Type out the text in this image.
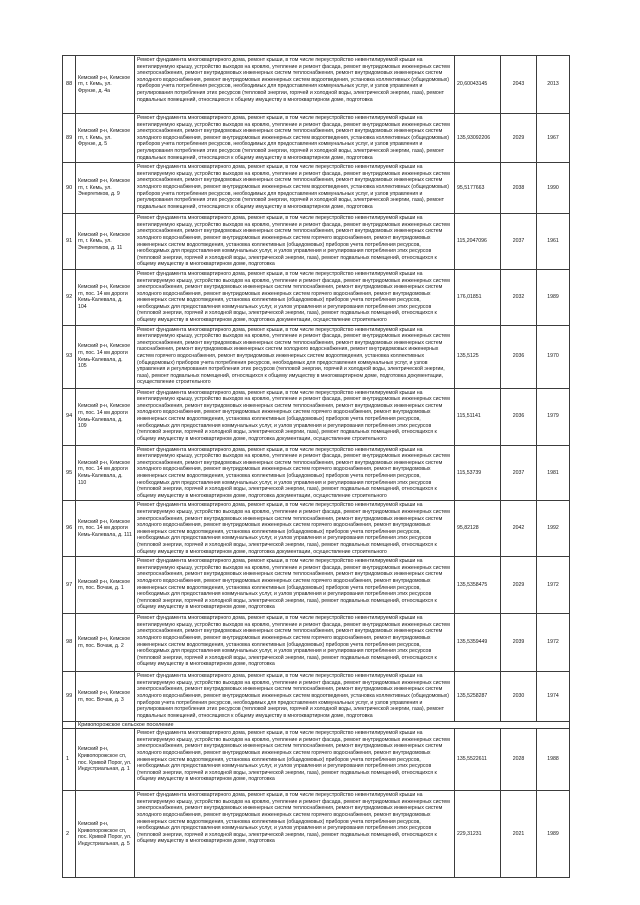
88	Кемский р-н, Кемское гп, г. Кемь, ул. Фрунзе, д. 4а	Ремонт фундамента многоквартирного дома, ремонт крыши, в том числе переустройство невентилируемой крыши на вентилируемую крышу, устройство выходов на кровлю, утепление и ремонт фасада, ремонт внутридомовых инженерных систем электроснабжения, ремонт внутридомовых инженерных систем теплоснабжения, ремонт внутридомовых инженерных систем холодного водоснабжения, ремонт внутридомовых инженерных систем водоотведения, установка коллективных (общедомовых) приборов учета потребления ресурсов, необходимых для предоставления коммунальных услуг, и узлов управления и регулирования потребления этих ресурсов (тепловой энергии, горячей и холодной воды, электрической энергии, газа), ремонт подвальных помещений, относящихся к общему имуществу в многоквартирном доме, подготовка	20,60043145	2043	2013
89	Кемский р-н, Кемское гп, г. Кемь, ул. Фрунзе, д. 5	Ремонт фундамента многоквартирного дома, ремонт крыши, в том числе переустройство невентилируемой крыши на вентилируемую крышу, устройство выходов на кровлю, утепление и ремонт фасада, ремонт внутридомовых инженерных систем электроснабжения, ремонт внутридомовых инженерных систем теплоснабжения, ремонт внутридомовых инженерных систем холодного водоснабжения, ремонт внутридомовых инженерных систем водоотведения, установка коллективных (общедомовых) приборов учета потребления ресурсов, необходимых для предоставления коммунальных услуг, и узлов управления и регулирования потребления этих ресурсов (тепловой энергии, горячей и холодной воды, электрической энергии, газа), ремонт подвальных помещений, относящихся к общему имуществу в многоквартирном доме, подготовка	135,93092206	2029	1967
90	Кемский р-н, Кемское гп, г. Кемь, ул. Энергетиков, д. 9	Ремонт фундамента многоквартирного дома, ремонт крыши, в том числе переустройство невентилируемой крыши на вентилируемую крышу, устройство выходов на кровлю, утепление и ремонт фасада, ремонт внутридомовых инженерных систем электроснабжения, ремонт внутридомовых инженерных систем теплоснабжения, ремонт внутридомовых инженерных систем холодного водоснабжения, ремонт внутридомовых инженерных систем водоотведения, установка коллективных (общедомовых) приборов учета потребления ресурсов, необходимых для предоставления коммунальных услуг, и узлов управления и регулирования потребления этих ресурсов (тепловой энергии, горячей и холодной воды, электрической энергии, газа), ремонт подвальных помещений, относящихся к общему имуществу в многоквартирном доме, подготовка	95,5177663	2038	1990
91	Кемский р-н, Кемское гп, г. Кемь, ул. Энергетиков, д. 11	Ремонт фундамента многоквартирного дома, ремонт крыши, в том числе переустройство невентилируемой крыши на вентилируемую крышу, устройство выходов на кровлю, утепление и ремонт фасада, ремонт внутридомовых инженерных систем электроснабжения, ремонт внутридомовых инженерных систем теплоснабжения, ремонт внутридомовых инженерных систем холодного водоснабжения, ремонт внутридомовых инженерных систем горячего водоснабжения, ремонт внутридомовых инженерных систем водоотведения, установка коллективных (общедомовых) приборов учета потребления ресурсов, необходимых для предоставления коммунальных услуг, и узлов управления и регулирования потребления этих ресурсов (тепловой энергии, горячей и холодной воды, электрической энергии, газа), ремонт подвальных помещений, относящихся к общему имуществу в многоквартирном доме, подготовка	115,2047096	2037	1961
92	Кемский р-н, Кемское гп, пос. 14 км дороги Кемь-Калевала, д. 104	Ремонт фундамента многоквартирного дома, ремонт крыши, в том числе переустройство невентилируемой крыши на вентилируемую крышу, устройство выходов на кровлю, утепление и ремонт фасада, ремонт внутридомовых инженерных систем электроснабжения, ремонт внутридомовых инженерных систем теплоснабжения, ремонт внутридомовых инженерных систем холодного водоснабжения, ремонт внутридомовых инженерных систем горячего водоснабжения, ремонт внутридомовых инженерных систем водоотведения, установка коллективных (общедомовых) приборов учета потребления ресурсов, необходимых для предоставления коммунальных услуг, и узлов управления и регулирования потребления этих ресурсов (тепловой энергии, горячей и холодной воды, электрической энергии, газа), ремонт подвальных помещений, относящихся к общему имуществу в многоквартирном доме, подготовка документации, осуществление строительного	176,01851	2032	1989
93	Кемский р-н, Кемское гп, пос. 14 км дороги Кемь-Калевала, д. 105	Ремонт фундамента многоквартирного дома, ремонт крыши, в том числе переустройство невентилируемой крыши на вентилируемую крышу, устройство выходов на кровлю, утепление и ремонт фасада, ремонт внутридомовых инженерных систем электроснабжения, ремонт внутридомовых инженерных систем теплоснабжения, ремонт внутридомовых инженерных систем газоснабжения, ремонт внутридомовых инженерных систем холодного водоснабжения, ремонт внутридомовых инженерных систем горячего водоснабжения, ремонт внутридомовых инженерных систем водоотведения, установка коллективных (общедомовых) приборов учета потребления ресурсов, необходимых для предоставления коммунальных услуг, и узлов управления и регулирования потребления этих ресурсов (тепловой энергии, горячей и холодной воды, электрической энергии, газа), ремонт подвальных помещений, относящихся к общему имуществу в многоквартирном доме, подготовка документации, осуществление строительного	135,5125	2036	1970
94	Кемский р-н, Кемское гп, пос. 14 км дороги Кемь-Калевала, д. 109	Ремонт фундамента многоквартирного дома, ремонт крыши, в том числе переустройство невентилируемой крыши на вентилируемую крышу, устройство выходов на кровлю, утепление и ремонт фасада, ремонт внутридомовых инженерных систем электроснабжения, ремонт внутридомовых инженерных систем теплоснабжения, ремонт внутридомовых инженерных систем холодного водоснабжения, ремонт внутридомовых инженерных систем горячего водоснабжения, ремонт внутридомовых инженерных систем водоотведения, установка коллективных (общедомовых) приборов учета потребления ресурсов, необходимых для предоставления коммунальных услуг, и узлов управления и регулирования потребления этих ресурсов (тепловой энергии, горячей и холодной воды, электрической энергии, газа), ремонт подвальных помещений, относящихся к общему имуществу в многоквартирном доме, подготовка документации, осуществление строительного	115,51141	2036	1979
95	Кемский р-н, Кемское гп, пос. 14 км дороги Кемь-Калевала, д. 110	Ремонт фундамента многоквартирного дома, ремонт крыши, в том числе переустройство невентилируемой крыши на вентилируемую крышу, устройство выходов на кровлю, утепление и ремонт фасада, ремонт внутридомовых инженерных систем электроснабжения, ремонт внутридомовых инженерных систем теплоснабжения, ремонт внутридомовых инженерных систем холодного водоснабжения, ремонт внутридомовых инженерных систем горячего водоснабжения, ремонт внутридомовых инженерных систем водоотведения, установка коллективных (общедомовых) приборов учета потребления ресурсов, необходимых для предоставления коммунальных услуг, и узлов управления и регулирования потребления этих ресурсов (тепловой энергии, горячей и холодной воды, электрической энергии, газа), ремонт подвальных помещений, относящихся к общему имуществу в многоквартирном доме, подготовка документации, осуществление строительного	115,53739	2037	1981
96	Кемский р-н, Кемское гп, пос. 14 км дороги Кемь-Калевала, д. 111	Ремонт фундамента многоквартирного дома, ремонт крыши, в том числе переустройство невентилируемой крыши на вентилируемую крышу, устройство выходов на кровлю, утепление и ремонт фасада, ремонт внутридомовых инженерных систем электроснабжения, ремонт внутридомовых инженерных систем теплоснабжения, ремонт внутридомовых инженерных систем холодного водоснабжения, ремонт внутридомовых инженерных систем горячего водоснабжения, ремонт внутридомовых инженерных систем водоотведения, установка коллективных (общедомовых) приборов учета потребления ресурсов, необходимых для предоставления коммунальных услуг, и узлов управления и регулирования потребления этих ресурсов (тепловой энергии, горячей и холодной воды, электрической энергии, газа), ремонт подвальных помещений, относящихся к общему имуществу в многоквартирном доме, подготовка документации, осуществление строительного	95,82128	2042	1992
97	Кемский р-н, Кемское гп, пос. Вочаж, д. 1	Ремонт фундамента многоквартирного дома, ремонт крыши, в том числе переустройство невентилируемой крыши на вентилируемую крышу, устройство выходов на кровлю, утепление и ремонт фасада, ремонт внутридомовых инженерных систем электроснабжения, ремонт внутридомовых инженерных систем теплоснабжения, ремонт внутридомовых инженерных систем холодного водоснабжения, ремонт внутридомовых инженерных систем горячего водоснабжения, ремонт внутридомовых инженерных систем водоотведения, установка коллективных (общедомовых) приборов учета потребления ресурсов, необходимых для предоставления коммунальных услуг, и узлов управления и регулирования потребления этих ресурсов (тепловой энергии, горячей и холодной воды, электрической энергии, газа), ремонт подвальных помещений, относящихся к общему имуществу в многоквартирном доме, подготовка	135,5358475	2029	1972
98	Кемский р-н, Кемское гп, пос. Вочаж, д. 2	Ремонт фундамента многоквартирного дома, ремонт крыши, в том числе переустройство невентилируемой крыши на вентилируемую крышу, устройство выходов на кровлю, утепление и ремонт фасада, ремонт внутридомовых инженерных систем электроснабжения, ремонт внутридомовых инженерных систем теплоснабжения, ремонт внутридомовых инженерных систем холодного водоснабжения, ремонт внутридомовых инженерных систем горячего водоснабжения, ремонт внутридомовых инженерных систем водоотведения, установка коллективных (общедомовых) приборов учета потребления ресурсов, необходимых для предоставления коммунальных услуг, и узлов управления и регулирования потребления этих ресурсов (тепловой энергии, горячей и холодной воды, электрической энергии, газа), ремонт подвальных помещений, относящихся к общему имуществу в многоквартирном доме, подготовка	135,5359449	2039	1972
99	Кемский р-н, Кемское гп, пос. Вочаж, д. 3	Ремонт фундамента многоквартирного дома, ремонт крыши, в том числе переустройство невентилируемой крыши на вентилируемую крышу, устройство выходов на кровлю, утепление и ремонт фасада, ремонт внутридомовых инженерных систем электроснабжения, ремонт внутридомовых инженерных систем теплоснабжения, ремонт внутридомовых инженерных систем холодного водоснабжения, ремонт внутридомовых инженерных систем водоотведения, установка коллективных (общедомовых) приборов учета потребления ресурсов, необходимых для предоставления коммунальных услуг, и узлов управления и регулирования потребления этих ресурсов (тепловой энергии, горячей и холодной воды, электрической энергии, газа), ремонт подвальных помещений, относящихся к общему имуществу в многоквартирном доме, подготовка	135,5258287	2030	1974
	Кривопорожское сельское поселение				
1	Кемский р-н, Кривопорожское сп, пос. Кривой Порог, ул. Индустриальная, д. 1	Ремонт фундамента многоквартирного дома, ремонт крыши, в том числе переустройство невентилируемой крыши на вентилируемую крышу, устройство выходов на кровлю, утепление и ремонт фасада, ремонт внутридомовых инженерных систем электроснабжения, ремонт внутридомовых инженерных систем теплоснабжения, ремонт внутридомовых инженерных систем холодного водоснабжения, ремонт внутридомовых инженерных систем горячего водоснабжения, ремонт внутридомовых инженерных систем водоотведения, установка коллективных (общедомовых) приборов учета потребления ресурсов, необходимых для предоставления коммунальных услуг, и узлов управления и регулирования потребления этих ресурсов (тепловой энергии, горячей и холодной воды, электрической энергии, газа), ремонт подвальных помещений, относящихся к общему имуществу в многоквартирном доме, подготовка	135,5522611	2028	1988
2	Кемский р-н, Кривопорожское сп, пос. Кривой Порог, ул. Индустриальная, д. 5	Ремонт фундамента многоквартирного дома, ремонт крыши, в том числе переустройство невентилируемой крыши на вентилируемую крышу, устройство выходов на кровлю, утепление и ремонт фасада, ремонт внутридомовых инженерных систем электроснабжения, ремонт внутридомовых инженерных систем теплоснабжения, ремонт внутридомовых инженерных систем холодного водоснабжения, ремонт внутридомовых инженерных систем горячего водоснабжения, ремонт внутридомовых инженерных систем водоотведения, установка коллективных (общедомовых) приборов учета потребления ресурсов, необходимых для предоставления коммунальных услуг, и узлов управления и регулирования потребления этих ресурсов (тепловой энергии, горячей и холодной воды, электрической энергии, газа), ремонт подвальных помещений, относящихся к общему имуществу в многоквартирном доме, подготовка	229,31231	2021	1989
